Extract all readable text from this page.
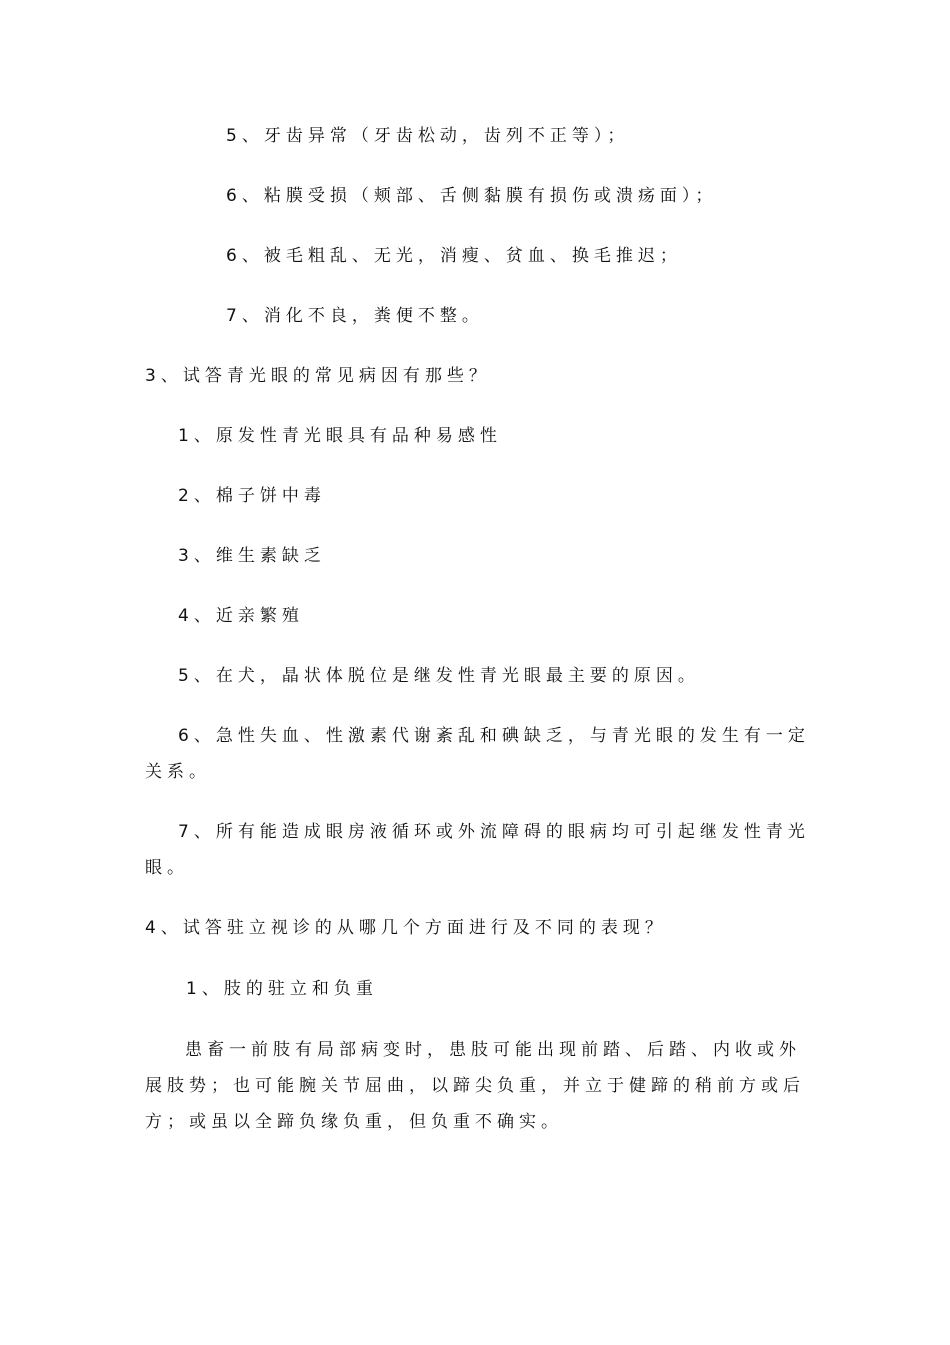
5、牙齿异常（牙齿松动，齿列不正等）；
6、粘膜受损（颊部、舌侧黏膜有损伤或溃疡面）；
6、被毛粗乱、无光，消瘦、贫血、换毛推迟；
7、消化不良，粪便不整。
3、试答青光眼的常见病因有那些？
1、原发性青光眼具有品种易感性
2、棉子饼中毒
3、维生素缺乏
4、近亲繁殖
5、在犬，晶状体脱位是继发性青光眼最主要的原因。
6、急性失血、性激素代谢紊乱和碘缺乏，与青光眼的发生有一定关系。
7、所有能造成眼房液循环或外流障碍的眼病均可引起继发性青光眼。
4、试答驻立视诊的从哪几个方面进行及不同的表现？
1、肢的驻立和负重
患畜一前肢有局部病变时，患肢可能出现前踏、后踏、内收或外展肢势；也可能腕关节屈曲，以蹄尖负重，并立于健蹄的稍前方或后方；或虽以全蹄负缘负重，但负重不确实。
